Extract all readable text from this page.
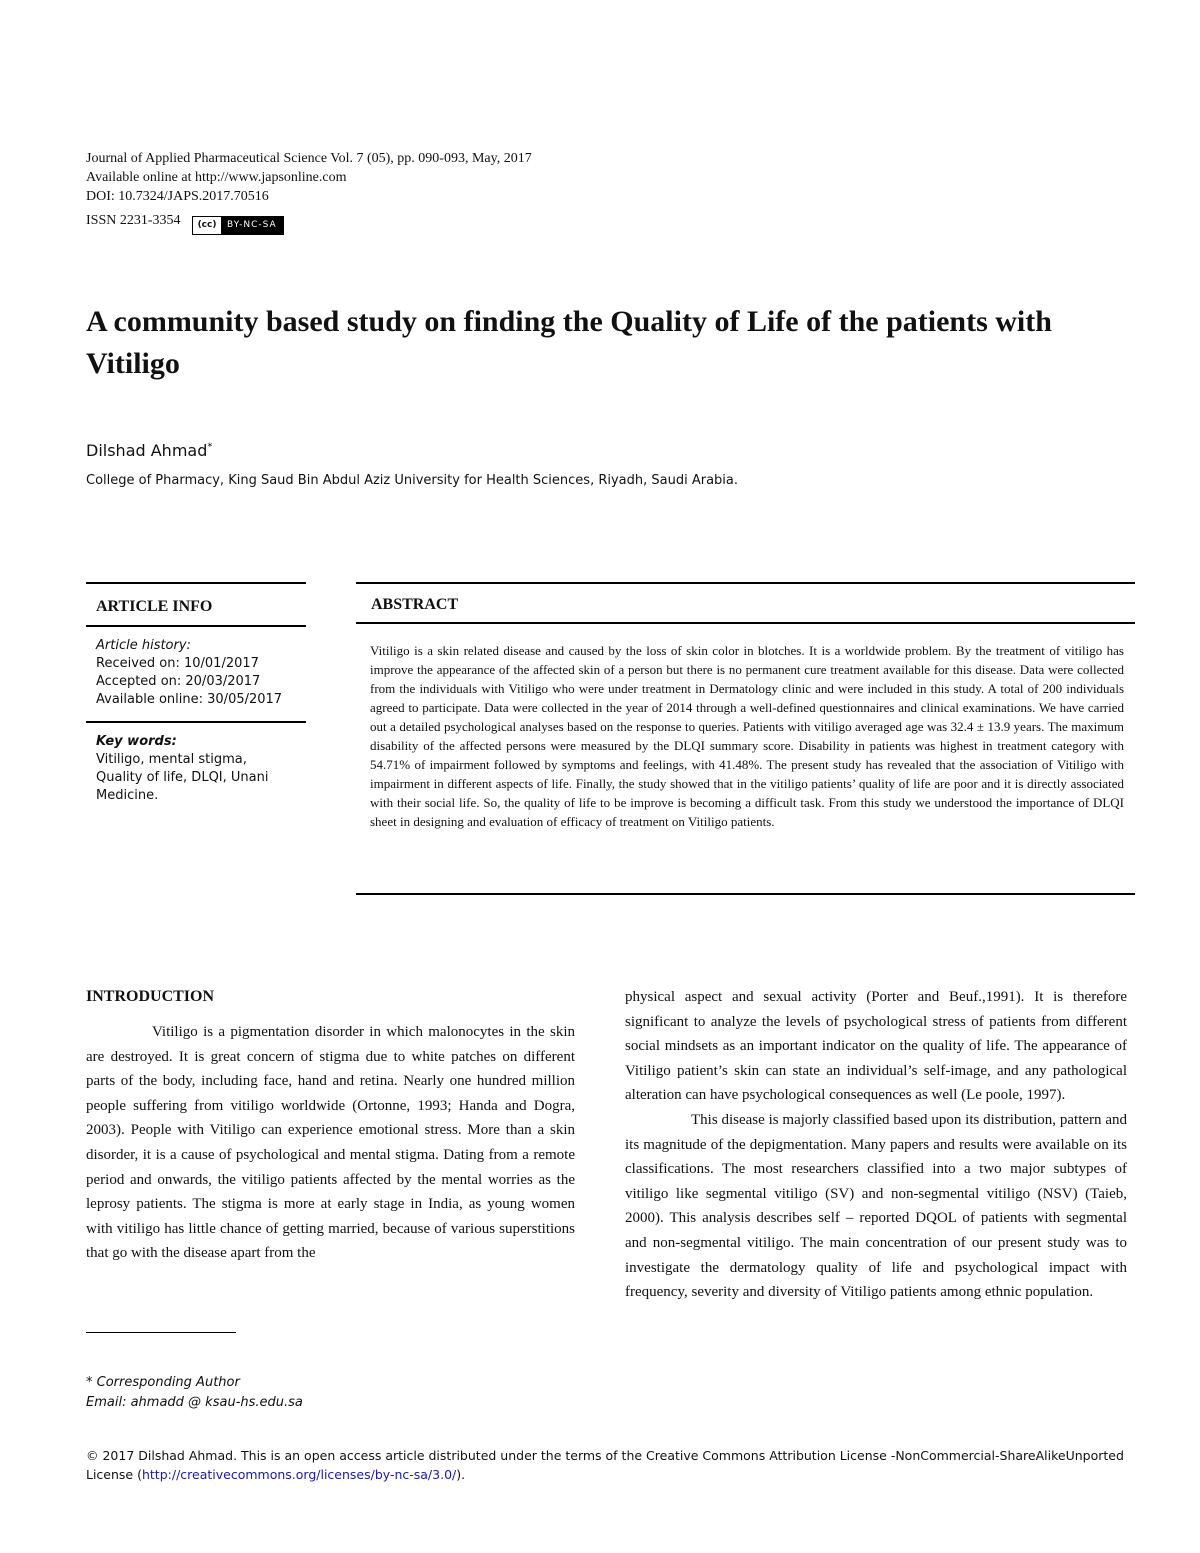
Journal of Applied Pharmaceutical Science Vol. 7 (05), pp. 090-093, May, 2017
Available online at http://www.japsonline.com
DOI: 10.7324/JAPS.2017.70516
ISSN 2231-3354	(cc)	BY-NC-SA
A community based study on finding the Quality of Life of the patients with Vitiligo
Dilshad Ahmad*
College of Pharmacy, King Saud Bin Abdul Aziz University for Health Sciences, Riyadh, Saudi Arabia.
ARTICLE INFO	ABSTRACT
Article history:
Received on: 10/01/2017
Accepted on: 20/03/2017
Available online: 30/05/2017
Key words:
Vitiligo, mental stigma, Quality of life, DLQI, Unani Medicine.
Vitiligo is a skin related disease and caused by the loss of skin color in blotches. It is a worldwide problem. By the treatment of vitiligo has improve the appearance of the affected skin of a person but there is no permanent cure treatment available for this disease. Data were collected from the individuals with Vitiligo who were under treatment in Dermatology clinic and were included in this study. A total of 200 individuals agreed to participate. Data were collected in the year of 2014 through a well-defined questionnaires and clinical examinations. We have carried out a detailed psychological analyses based on the response to queries. Patients with vitiligo averaged age was 32.4 ± 13.9 years. The maximum disability of the affected persons were measured by the DLQI summary score. Disability in patients was highest in treatment category with 54.71% of impairment followed by symptoms and feelings, with 41.48%. The present study has revealed that the association of Vitiligo with impairment in different aspects of life. Finally, the study showed that in the vitiligo patients’ quality of life are poor and it is directly associated with their social life. So, the quality of life to be improve is becoming a difficult task. From this study we understood the importance of DLQI sheet in designing and evaluation of efficacy of treatment on Vitiligo patients.
INTRODUCTION

Vitiligo is a pigmentation disorder in which malonocytes in the skin are destroyed. It is great concern of stigma due to white patches on different parts of the body, including face, hand and retina. Nearly one hundred million people suffering from vitiligo worldwide (Ortonne, 1993; Handa and Dogra, 2003). People with Vitiligo can experience emotional stress. More than a skin disorder, it is a cause of psychological and mental stigma. Dating from a remote period and onwards, the vitiligo patients affected by the mental worries as the leprosy patients. The stigma is more at early stage in India, as young women with vitiligo has little chance of getting married, because of various superstitions that go with the disease apart from the

physical aspect and sexual activity (Porter and Beuf.,1991). It is therefore significant to analyze the levels of psychological stress of patients from different social mindsets as an important indicator on the quality of life. The appearance of Vitiligo patient’s skin can state an individual’s self-image, and any pathological alteration can have psychological consequences as well (Le poole, 1997).

This disease is majorly classified based upon its distribution, pattern and its magnitude of the depigmentation. Many papers and results were available on its classifications. The most researchers classified into a two major subtypes of vitiligo like segmental vitiligo (SV) and non-segmental vitiligo (NSV) (Taieb, 2000). This analysis describes self – reported DQOL of patients with segmental and non-segmental vitiligo. The main concentration of our present study was to investigate the dermatology quality of life and psychological impact with frequency, severity and diversity of Vitiligo patients among ethnic population.

* Corresponding Author
Email: ahmadd @ ksau-hs.edu.sa
© 2017 Dilshad Ahmad. This is an open access article distributed under the terms of the Creative Commons Attribution License -NonCommercial-ShareAlikeUnported License (http://creativecommons.org/licenses/by-nc-sa/3.0/).
